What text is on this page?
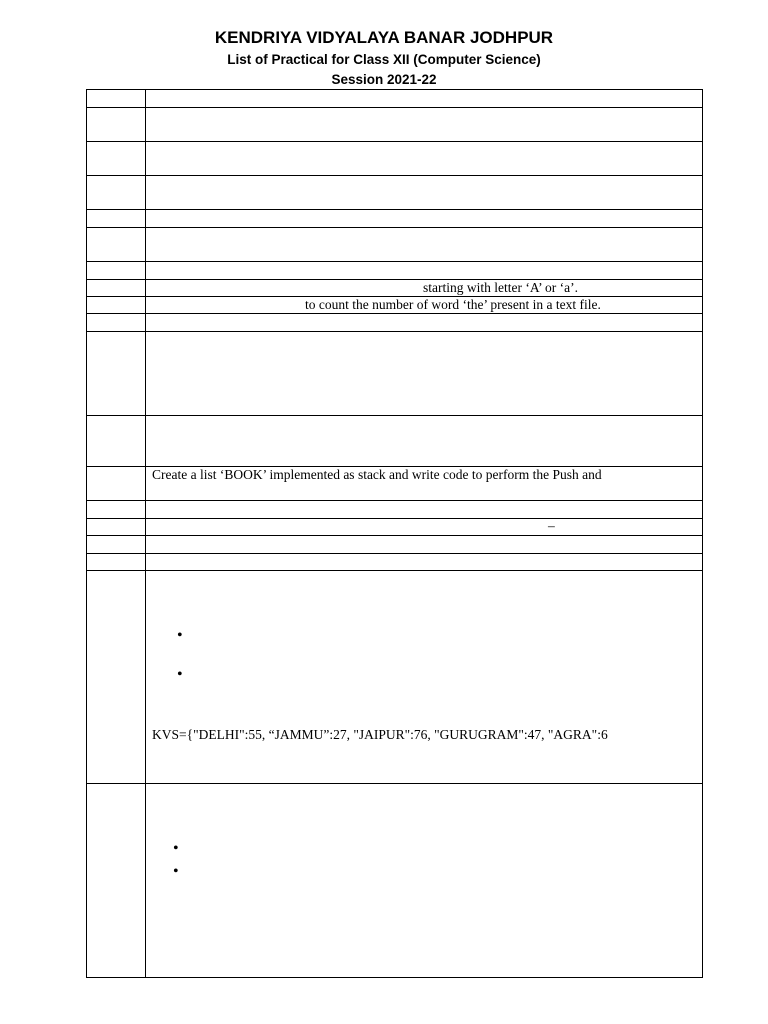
KENDRIYA VIDYALAYA BANAR JODHPUR
List of Practical for Class XII (Computer Science)
Session 2021-22
starting with letter ‘A’ or ‘a’.
to count the number of word ‘the’ present in a text file.
Create a list ‘BOOK’ implemented as stack and write code to perform the Push and
–
•
•
KVS={"DELHI":55, “JAMMU”:27, "JAIPUR":76, "GURUGRAM":47, "AGRA":6
•
•
